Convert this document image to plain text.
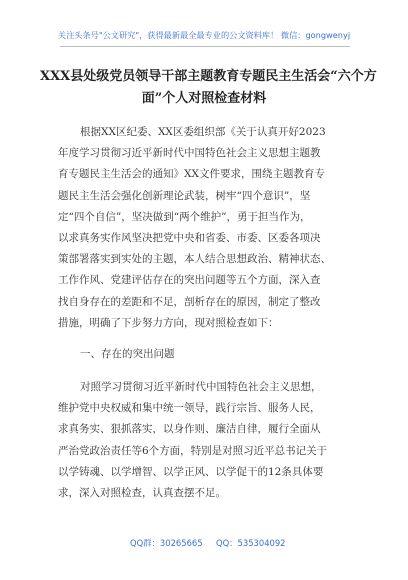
关注头条号"公文研究"，获得最新最全最专业的公文资料库！ 微信：gongwenyj
XXX县处级党员领导干部主题教育专题民主生活会“六个方
面”个人对照检查材料
根据XX区纪委、XX区委组织部《关于认真开好2023
年度学习贯彻习近平新时代中国特色社会主义思想主题教
育专题民主生活会的通知》XX文件要求，围绕主题教育专
题民主生活会强化创新理论武装，树牢“四个意识”，坚
定“四个自信”，坚决做到“两个维护”，勇于担当作为，
以求真务实作风坚决把党中央和省委、市委、区委各项决
策部署落实到实处的主题，本人结合思想政治、精神状态、
工作作风、党建评估存在的突出问题等五个方面，深入查
找自身存在的差距和不足，剖析存在的原因，制定了整改
措施，明确了下步努力方向，现对照检查如下：
一、存在的突出问题
对照学习贯彻习近平新时代中国特色社会主义思想，
维护党中央权威和集中统一领导，践行宗旨、服务人民，
求真务实、狠抓落实，以身作则、廉洁自律，履行全面从
严治党政治责任等6个方面，特别是对照习近平总书记关于
以学铸魂、以学增智、以学正风、以学促干的12条具体要
求，深入对照检查，认真查摆不足。
QQ群：30265665 QQ：535304092
